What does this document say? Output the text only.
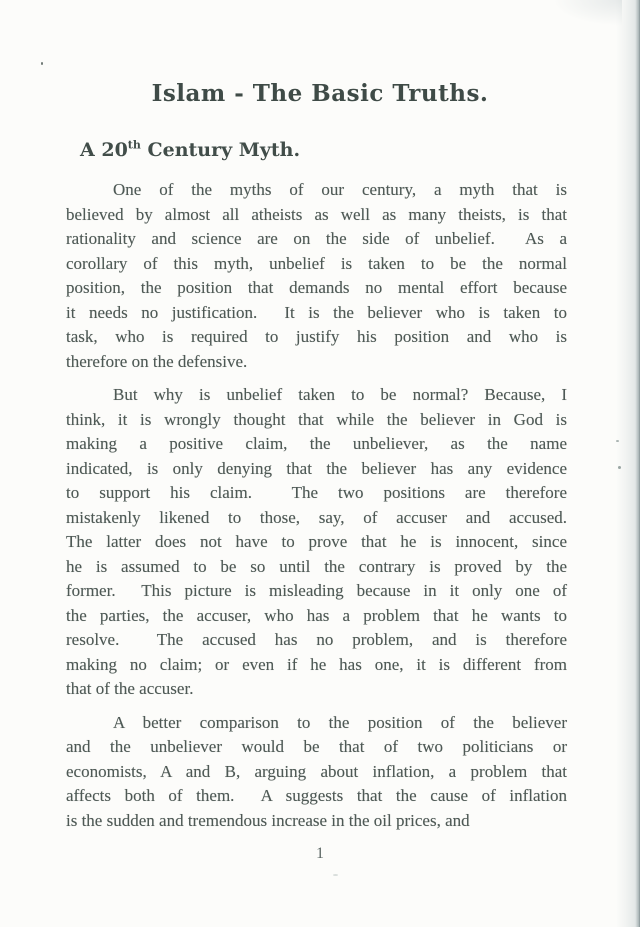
Islam - The Basic Truths.
A 20th Century Myth.
One of the myths of our century, a myth that is
believed by almost all atheists as well as many theists, is that
rationality and science are on the side of unbelief.  As a
corollary of this myth, unbelief is taken to be the normal
position, the position that demands no mental effort because
it needs no justification.  It is the believer who is taken to
task, who is required to justify his position and who is
therefore on the defensive.
But why is unbelief taken to be normal? Because, I
think, it is wrongly thought that while the believer in God is
making a positive claim, the unbeliever, as the name
indicated, is only denying that the believer has any evidence
to support his claim.  The two positions are therefore
mistakenly likened to those, say, of accuser and accused.
The latter does not have to prove that he is innocent, since
he is assumed to be so until the contrary is proved by the
former.  This picture is misleading because in it only one of
the parties, the accuser, who has a problem that he wants to
resolve.  The accused has no problem, and is therefore
making no claim; or even if he has one, it is different from
that of the accuser.
A better comparison to the position of the believer
and the unbeliever would be that of two politicians or
economists, A and B, arguing about inflation, a problem that
affects both of them.  A suggests that the cause of inflation
is the sudden and tremendous increase in the oil prices, and
1
